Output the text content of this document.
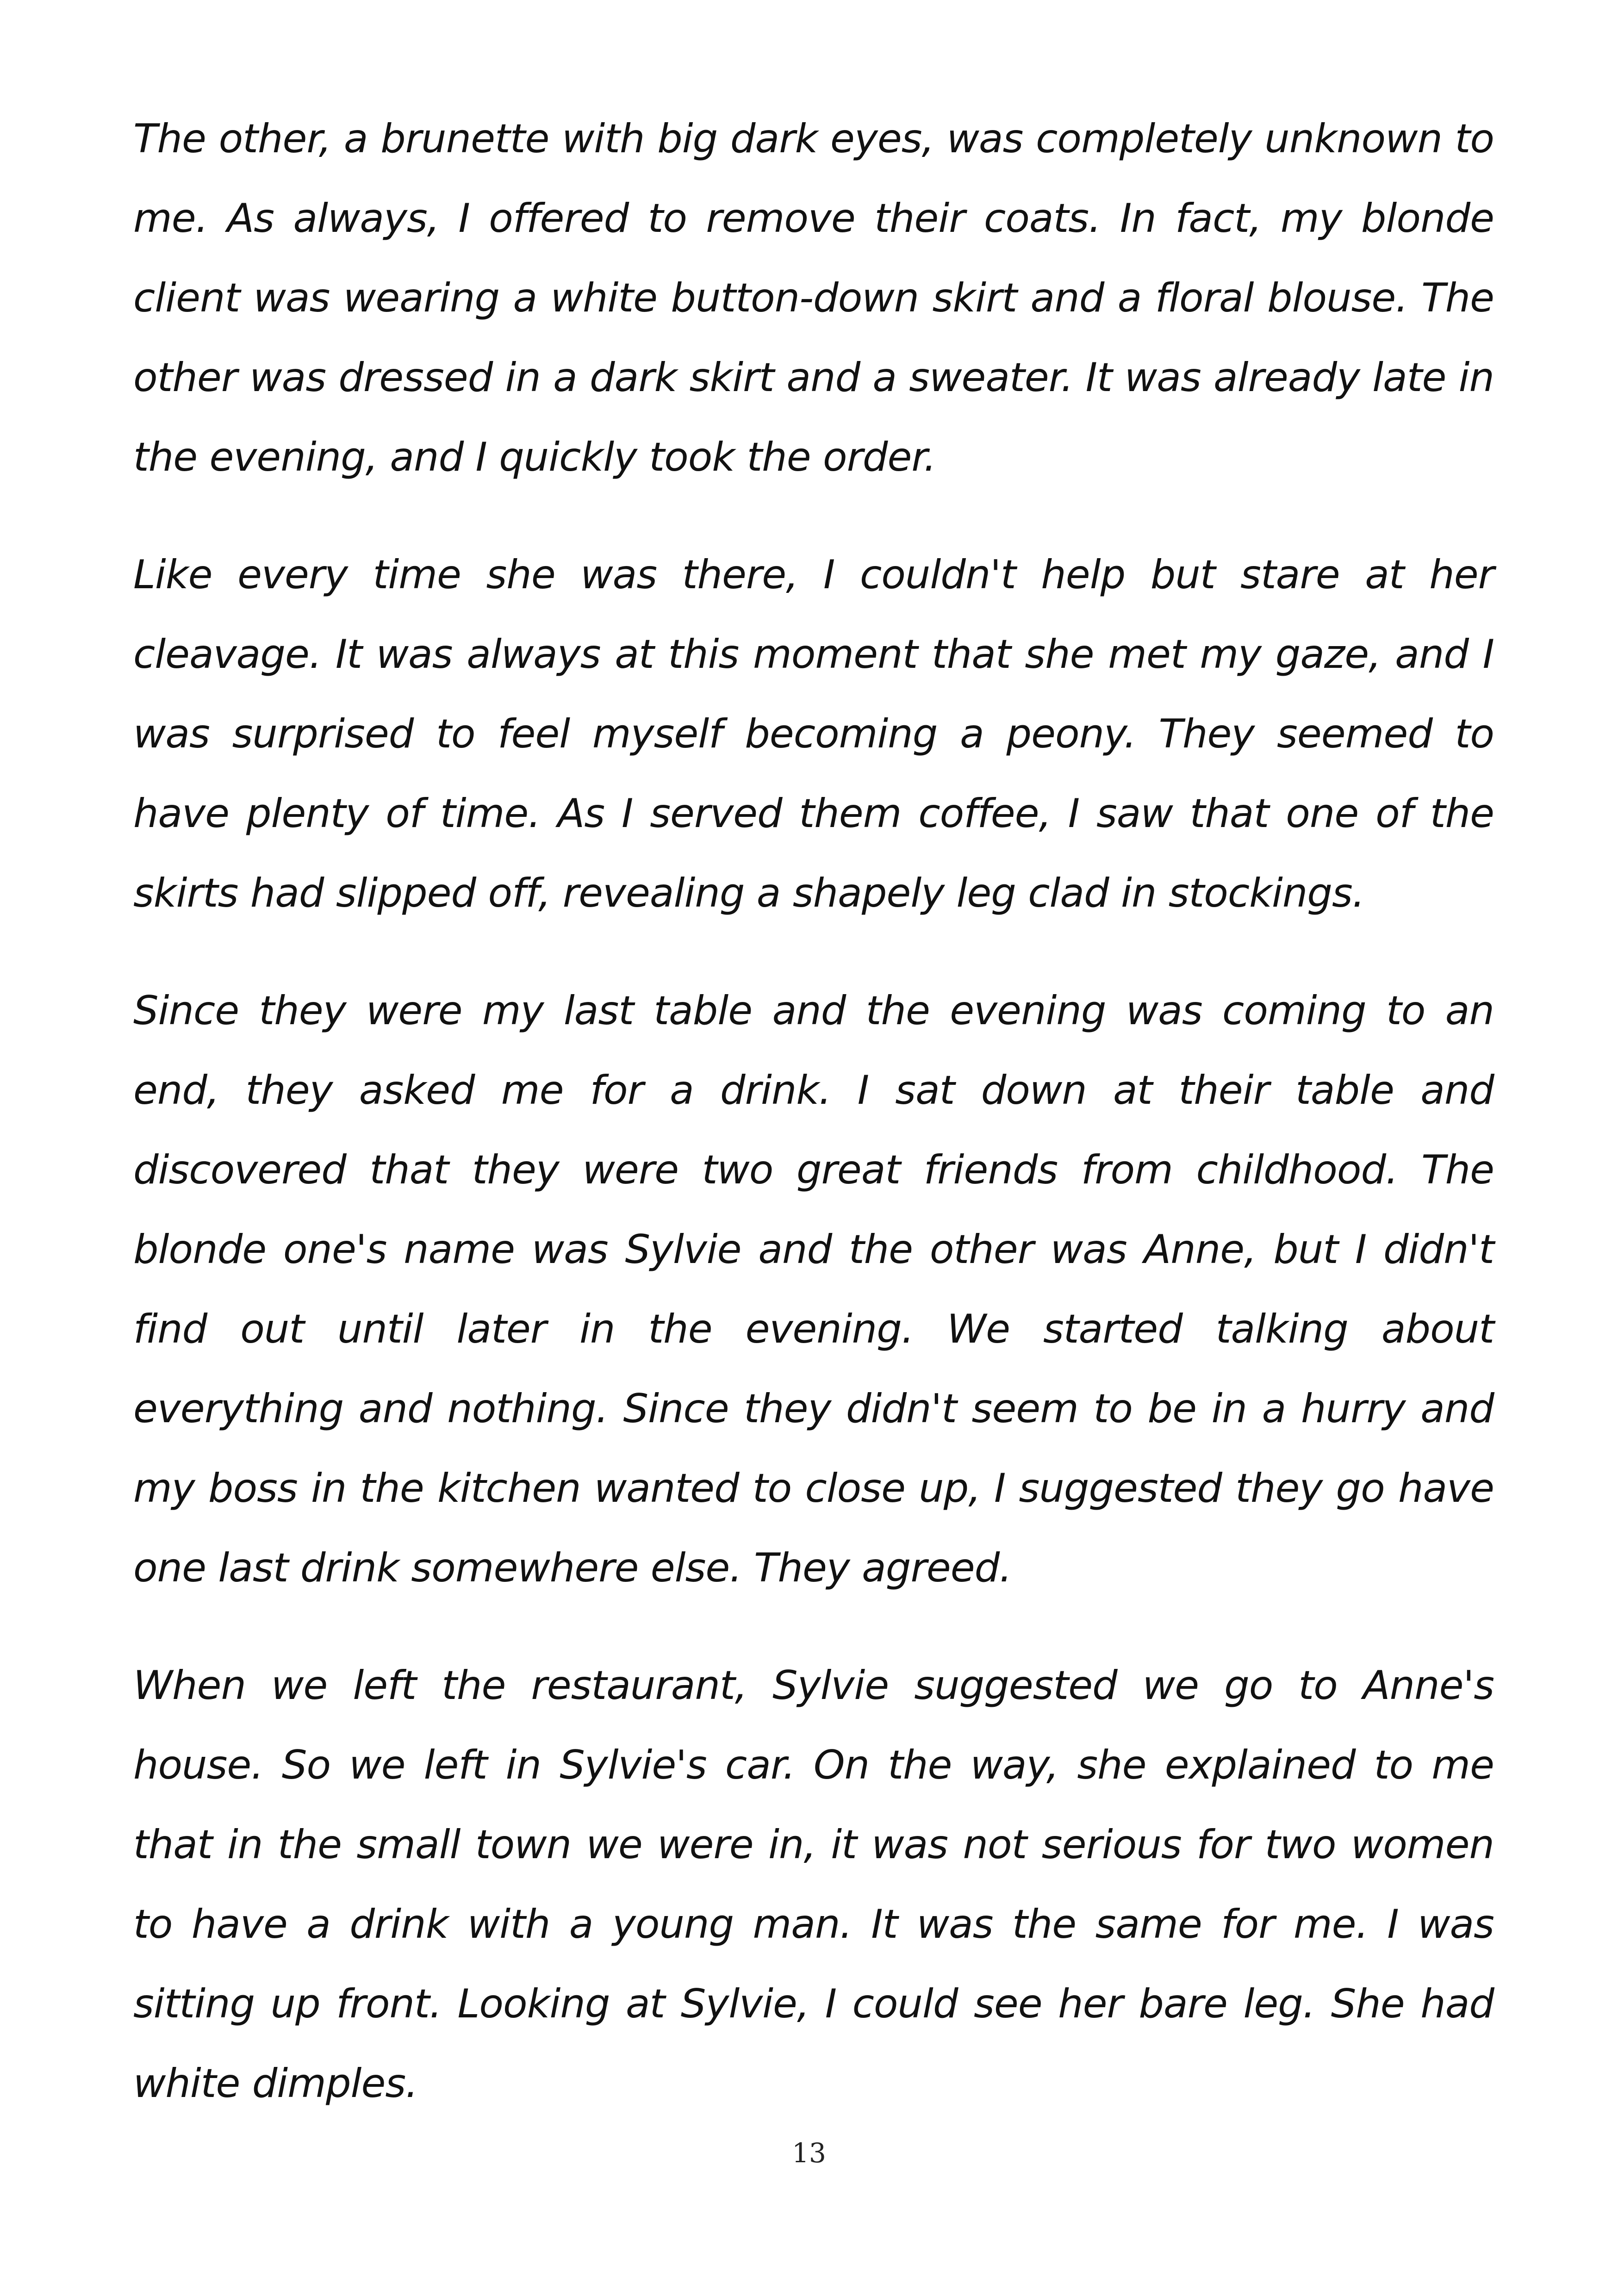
The other, a brunette with big dark eyes, was completely unknown to me. As always, I offered to remove their coats. In fact, my blonde client was wearing a white button-down skirt and a floral blouse. The other was dressed in a dark skirt and a sweater. It was already late in the evening, and I quickly took the order.

Like every time she was there, I couldn't help but stare at her cleavage. It was always at this moment that she met my gaze, and I was surprised to feel myself becoming a peony. They seemed to have plenty of time. As I served them coffee, I saw that one of the skirts had slipped off, revealing a shapely leg clad in stockings.

Since they were my last table and the evening was coming to an end, they asked me for a drink. I sat down at their table and discovered that they were two great friends from childhood. The blonde one's name was Sylvie and the other was Anne, but I didn't find out until later in the evening. We started talking about everything and nothing. Since they didn't seem to be in a hurry and my boss in the kitchen wanted to close up, I suggested they go have one last drink somewhere else. They agreed.

When we left the restaurant, Sylvie suggested we go to Anne's house. So we left in Sylvie's car. On the way, she explained to me that in the small town we were in, it was not serious for two women to have a drink with a young man. It was the same for me. I was sitting up front. Looking at Sylvie, I could see her bare leg. She had white dimples.

13
